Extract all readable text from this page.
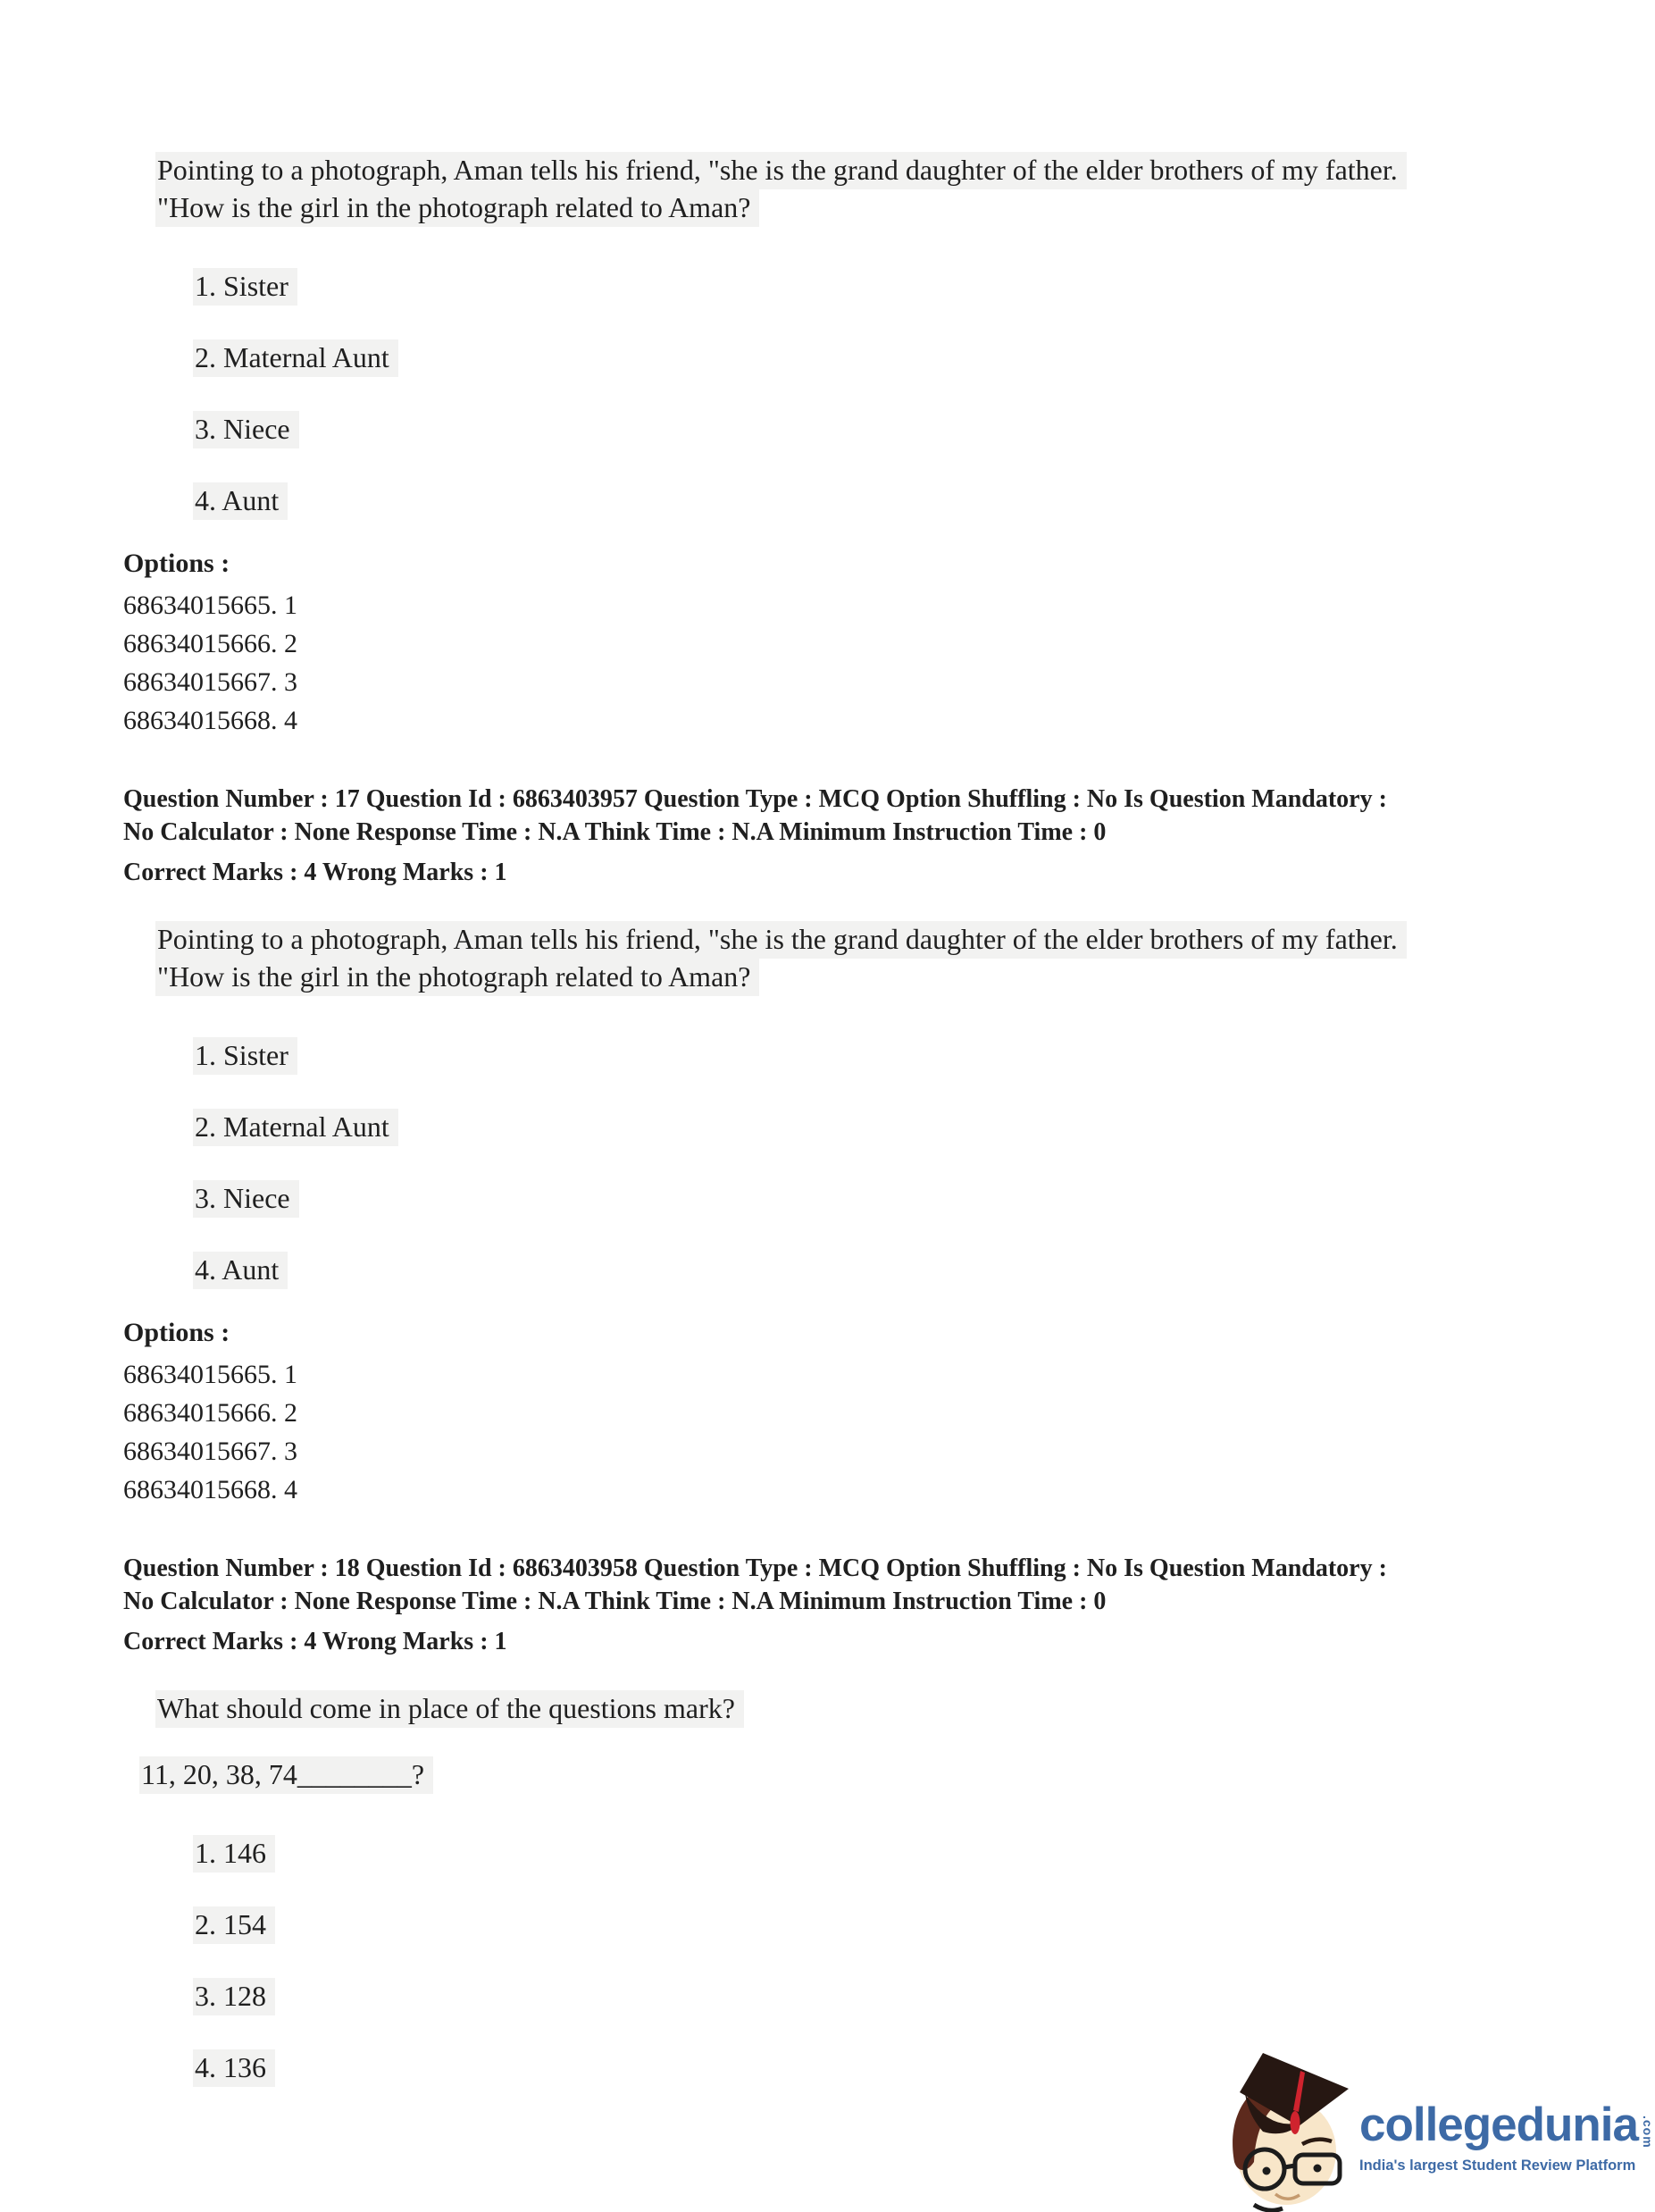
Pointing to a photograph, Aman tells his friend, "she is the grand daughter of the elder brothers of my father.
"How is the girl in the photograph related to Aman?
1. Sister
2. Maternal Aunt
3. Niece
4. Aunt
Options :
68634015665. 1
68634015666. 2
68634015667. 3
68634015668. 4
Question Number : 17 Question Id : 6863403957 Question Type : MCQ Option Shuffling : No Is Question Mandatory :
No Calculator : None Response Time : N.A Think Time : N.A Minimum Instruction Time : 0
Correct Marks : 4 Wrong Marks : 1
Pointing to a photograph, Aman tells his friend, "she is the grand daughter of the elder brothers of my father.
"How is the girl in the photograph related to Aman?
1. Sister
2. Maternal Aunt
3. Niece
4. Aunt
Options :
68634015665. 1
68634015666. 2
68634015667. 3
68634015668. 4
Question Number : 18 Question Id : 6863403958 Question Type : MCQ Option Shuffling : No Is Question Mandatory :
No Calculator : None Response Time : N.A Think Time : N.A Minimum Instruction Time : 0
Correct Marks : 4 Wrong Marks : 1
What should come in place of the questions mark?
11, 20, 38, 74________?
1. 146
2. 154
3. 128
4. 136
collegedunia .com
India's largest Student Review Platform
